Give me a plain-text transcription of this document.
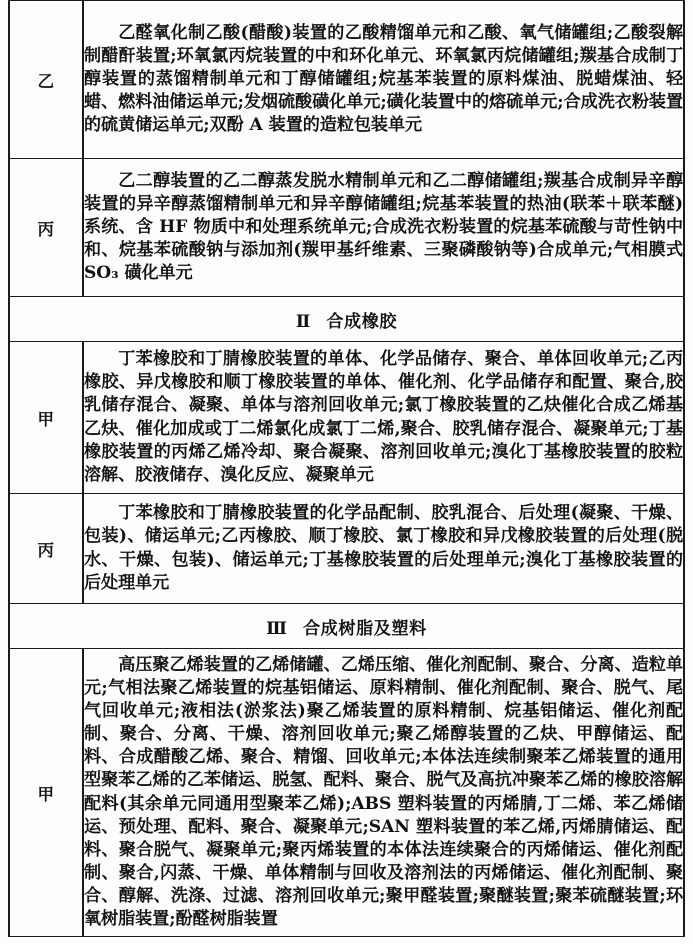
乙	乙醛氧化制乙酸(醋酸)装置的乙酸精馏单元和乙酸、氧气储罐组;乙酸裂解制醋酐装置;环氧氯丙烷装置的中和环化单元、环氧氯丙烷储罐组;羰基合成制丁醇装置的蒸馏精制单元和丁醇储罐组;烷基苯装置的原料煤油、脱蜡煤油、轻蜡、燃料油储运单元;发烟硫酸磺化单元;磺化装置中的熔硫单元;合成洗衣粉装置的硫黄储运单元;双酚 A 装置的造粒包装单元

丙	乙二醇装置的乙二醇蒸发脱水精制单元和乙二醇储罐组;羰基合成制异辛醇装置的异辛醇蒸馏精制单元和异辛醇储罐组;烷基苯装置的热油(联苯＋联苯醚)系统、含 HF 物质中和处理系统单元;合成洗衣粉装置的烷基苯硫酸与苛性钠中和、烷基苯硫酸钠与添加剂(羰甲基纤维素、三聚磷酸钠等)合成单元;气相膜式 SO₃ 磺化单元

Ⅱ 合成橡胶	
甲	丁苯橡胶和丁腈橡胶装置的单体、化学品储存、聚合、单体回收单元;乙丙橡胶、异戊橡胶和顺丁橡胶装置的单体、催化剂、化学品储存和配置、聚合,胶乳储存混合、凝聚、单体与溶剂回收单元;氯丁橡胶装置的乙炔催化合成乙烯基乙炔、催化加成或丁二烯氯化成氯丁二烯,聚合、胶乳储存混合、凝聚单元;丁基橡胶装置的丙烯乙烯冷却、聚合凝聚、溶剂回收单元;溴化丁基橡胶装置的胶粒溶解、胶液储存、溴化反应、凝聚单元

丙	丁苯橡胶和丁腈橡胶装置的化学品配制、胶乳混合、后处理(凝聚、干燥、包装)、储运单元;乙丙橡胶、顺丁橡胶、氯丁橡胶和异戊橡胶装置的后处理(脱水、干燥、包装)、储运单元;丁基橡胶装置的后处理单元;溴化丁基橡胶装置的后处理单元

Ⅲ 合成树脂及塑料	
甲	高压聚乙烯装置的乙烯储罐、乙烯压缩、催化剂配制、聚合、分离、造粒单元;气相法聚乙烯装置的烷基铝储运、原料精制、催化剂配制、聚合、脱气、尾气回收单元;液相法(淤浆法)聚乙烯装置的原料精制、烷基铝储运、催化剂配制、聚合、分离、干燥、溶剂回收单元;聚乙烯醇装置的乙炔、甲醇储运、配料、合成醋酸乙烯、聚合、精馏、回收单元;本体法连续制聚苯乙烯装置的通用型聚苯乙烯的乙苯储运、脱氢、配料、聚合、脱气及高抗冲聚苯乙烯的橡胶溶解配料(其余单元同通用型聚苯乙烯);ABS 塑料装置的丙烯腈,丁二烯、苯乙烯储运、预处理、配料、聚合、凝聚单元;SAN 塑料装置的苯乙烯,丙烯腈储运、配料、聚合脱气、凝聚单元;聚丙烯装置的本体法连续聚合的丙烯储运、催化剂配制、聚合,闪蒸、干燥、单体精制与回收及溶剂法的丙烯储运、催化剂配制、聚合、醇解、洗涤、过滤、溶剂回收单元;聚甲醛装置;聚醚装置;聚苯硫醚装置;环氧树脂装置;酚醛树脂装置
